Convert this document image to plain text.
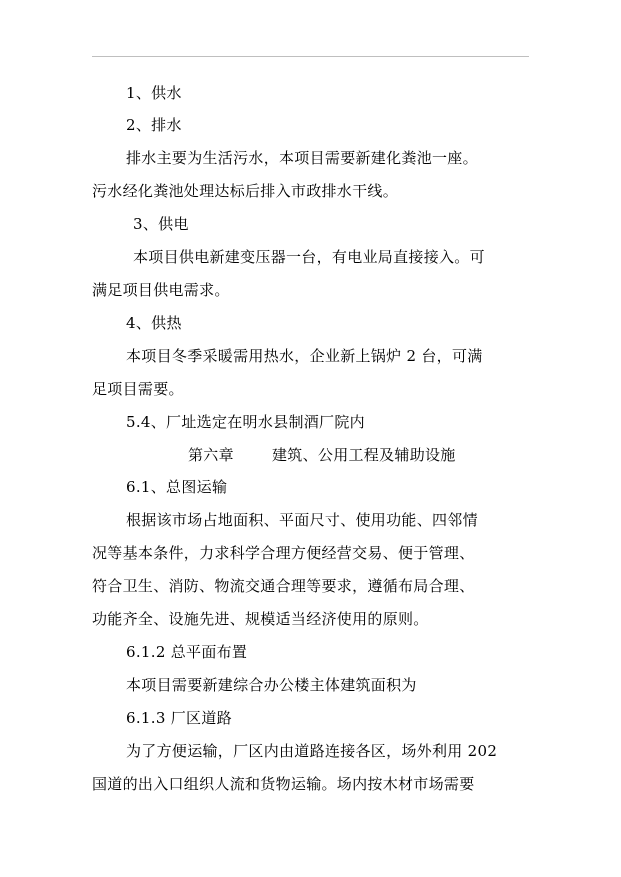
1、供水
2、排水
排水主要为生活污水，本项目需要新建化粪池一座。
污水经化粪池处理达标后排入市政排水干线。
3、供电
本项目供电新建变压器一台，有电业局直接接入。可
满足项目供电需求。
4、供热
本项目冬季采暖需用热水，企业新上锅炉 2 台，可满
足项目需要。
5.4、厂址选定在明水县制酒厂院内
第六章	建筑、公用工程及辅助设施
6.1、总图运输
根据该市场占地面积、平面尺寸、使用功能、四邻情
况等基本条件，力求科学合理方便经营交易、便于管理、
符合卫生、消防、物流交通合理等要求，遵循布局合理、
功能齐全、设施先进、规模适当经济使用的原则。
6.1.2 总平面布置
本项目需要新建综合办公楼主体建筑面积为
6.1.3 厂区道路
为了方便运输，厂区内由道路连接各区，场外利用 202
国道的出入口组织人流和货物运输。场内按木材市场需要
